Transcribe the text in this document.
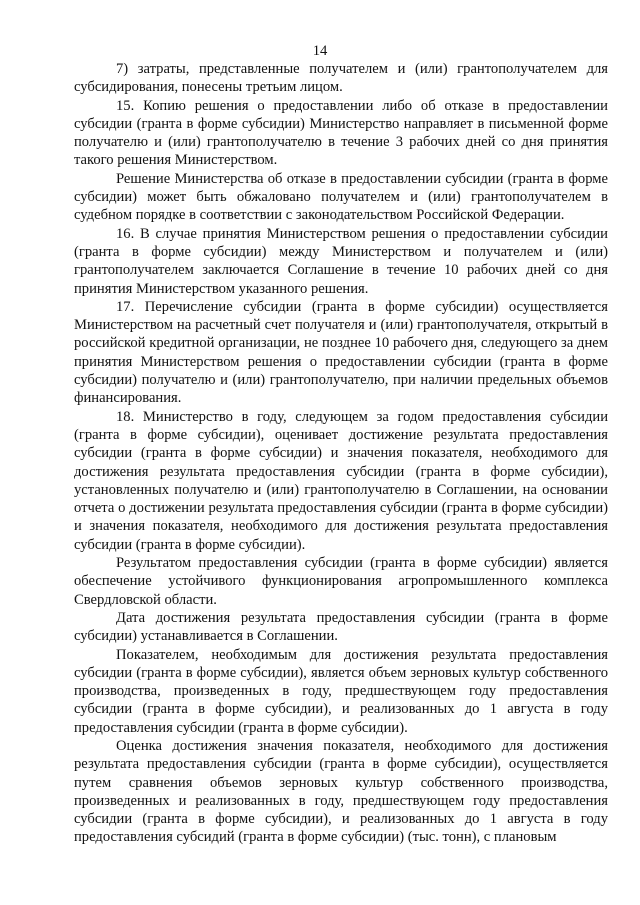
14

7) затраты, представленные получателем и (или) грантополучателем для субсидирования, понесены третьим лицом.

15. Копию решения о предоставлении либо об отказе в предоставлении субсидии (гранта в форме субсидии) Министерство направляет в письменной форме получателю и (или) грантополучателю в течение 3 рабочих дней со дня принятия такого решения Министерством.

Решение Министерства об отказе в предоставлении субсидии (гранта в форме субсидии) может быть обжаловано получателем и (или) грантополучателем в судебном порядке в соответствии с законодательством Российской Федерации.

16. В случае принятия Министерством решения о предоставлении субсидии (гранта в форме субсидии) между Министерством и получателем и (или) грантополучателем заключается Соглашение в течение 10 рабочих дней со дня принятия Министерством указанного решения.

17. Перечисление субсидии (гранта в форме субсидии) осуществляется Министерством на расчетный счет получателя и (или) грантополучателя, открытый в российской кредитной организации, не позднее 10 рабочего дня, следующего за днем принятия Министерством решения о предоставлении субсидии (гранта в форме субсидии) получателю и (или) грантополучателю, при наличии предельных объемов финансирования.

18. Министерство в году, следующем за годом предоставления субсидии (гранта в форме субсидии), оценивает достижение результата предоставления субсидии (гранта в форме субсидии) и значения показателя, необходимого для достижения результата предоставления субсидии (гранта в форме субсидии), установленных получателю и (или) грантополучателю в Соглашении, на основании отчета о достижении результата предоставления субсидии (гранта в форме субсидии) и значения показателя, необходимого для достижения результата предоставления субсидии (гранта в форме субсидии).

Результатом предоставления субсидии (гранта в форме субсидии) является обеспечение устойчивого функционирования агропромышленного комплекса Свердловской области.

Дата достижения результата предоставления субсидии (гранта в форме субсидии) устанавливается в Соглашении.

Показателем, необходимым для достижения результата предоставления субсидии (гранта в форме субсидии), является объем зерновых культур собственного производства, произведенных в году, предшествующем году предоставления субсидии (гранта в форме субсидии), и реализованных до 1 августа в году предоставления субсидии (гранта в форме субсидии).

Оценка достижения значения показателя, необходимого для достижения результата предоставления субсидии (гранта в форме субсидии), осуществляется путем сравнения объемов зерновых культур собственного производства, произведенных и реализованных в году, предшествующем году предоставления субсидии (гранта в форме субсидии), и реализованных до 1 августа в году предоставления субсидий (гранта в форме субсидии) (тыс. тонн), с плановым
